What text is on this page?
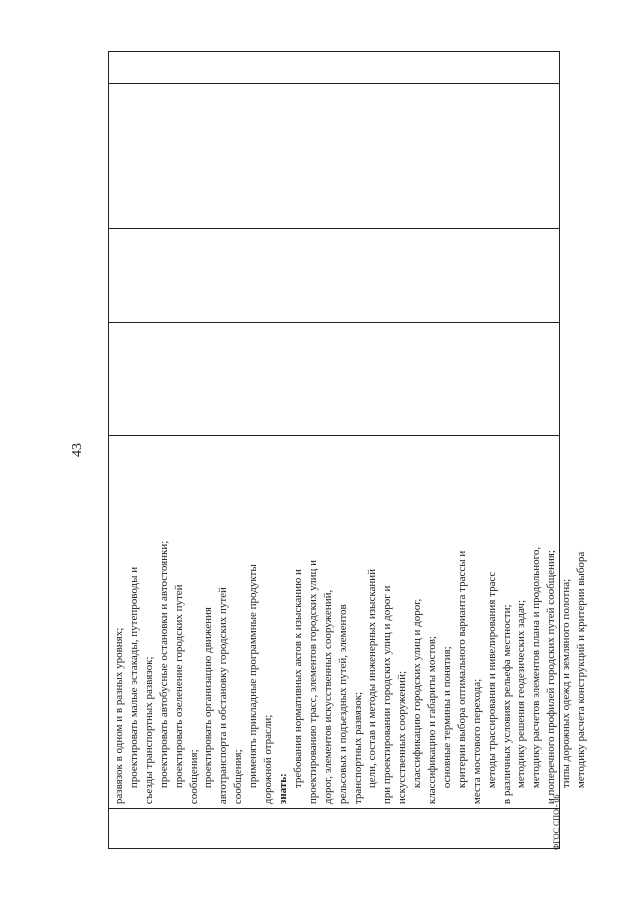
43
развязок в одном и в разных уровнях; проектировать малые эстакады, путепроводы и съезды транспортных развязок; проектировать автобусные остановки и автостоянки; проектировать озеленение городских путей сообщения; проектировать организацию движения автотранспорта и обстановку городских путей сообщения; применять прикладные программные продукты дорожной отрасли; знать:
требования нормативных актов к изысканию и проектированию трасс, элементов городских улиц и дорог, элементов искусственных сооружений, рельсовых и подъездных путей, элементов транспортных развязок; цели, состав и методы инженерных изысканий при проектировании городских улиц и дорог и искусственных сооружений; классификацию городских улиц и дорог, классификацию и габариты мостов; основные термины и понятия; критерии выбора оптимального варианта трассы и места мостового перехода; методы трассирования и нивелирования трасс в различных условиях рельефа местности; методику решения геодезических задач; методику расчетов элементов плана и продольного, и поперечного профилей городских путей сообщения; типы дорожных одежд и земляного полотна; методику расчета конструкций и критерии выбора
ФГОС СПО - 06
